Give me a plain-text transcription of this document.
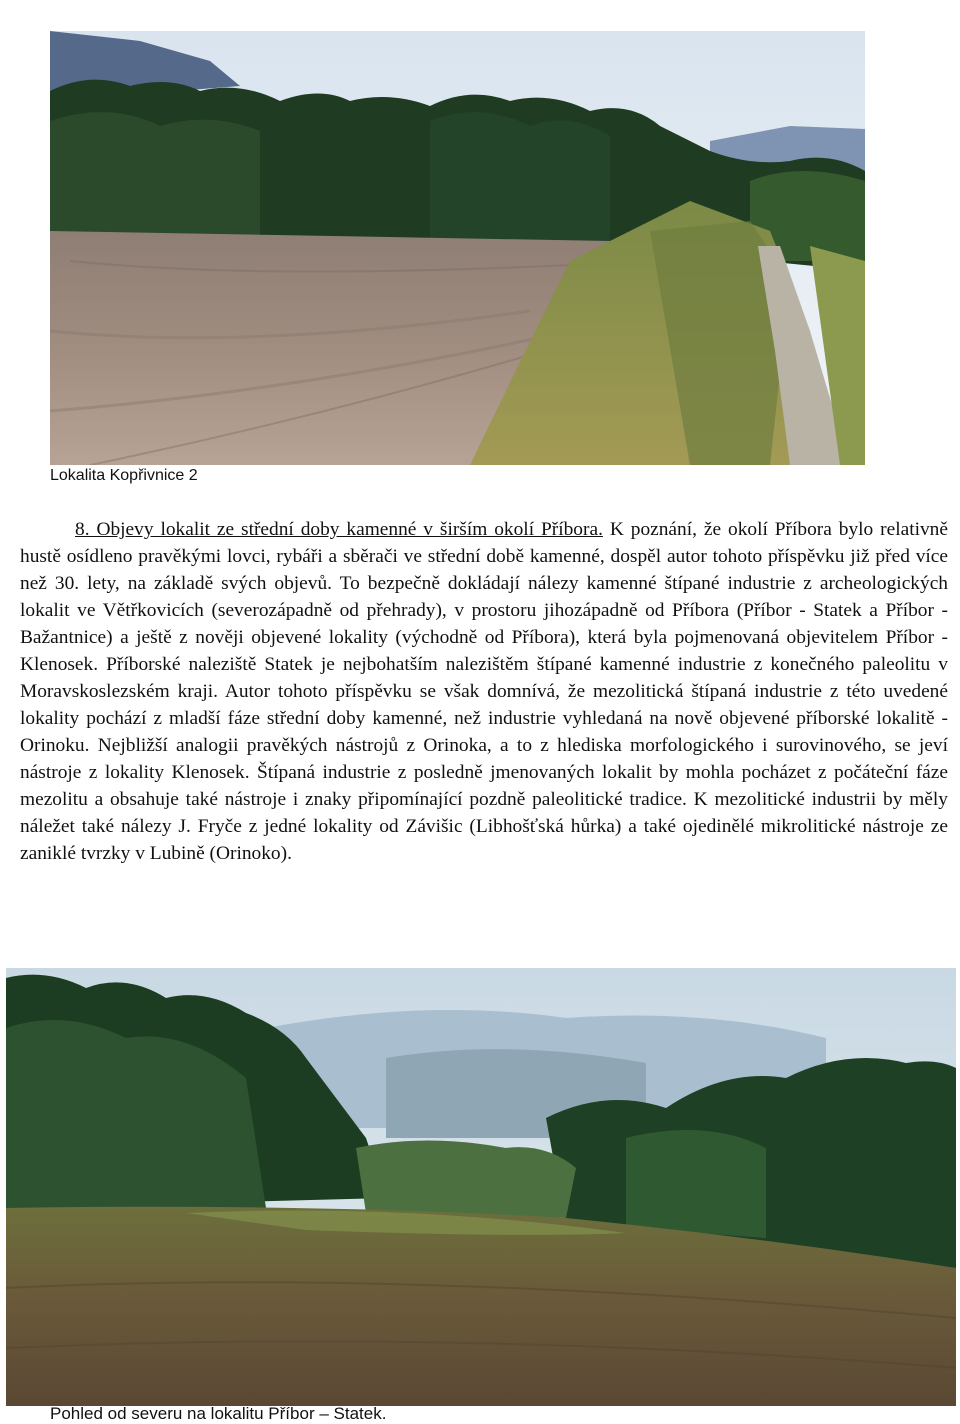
Lokalita Kopřivnice 2

8. Objevy lokalit ze střední doby kamenné v širším okolí Příbora. K poznání, že okolí Příbora bylo relativně hustě osídleno pravěkými lovci, rybáři a sběrači ve střední době kamenné, dospěl autor tohoto příspěvku již před více než 30. lety, na základě svých objevů. To bezpečně dokládají nálezy kamenné štípané industrie z archeologických lokalit ve Větřkovicích (severozápadně od přehrady), v prostoru jihozápadně od Příbora (Příbor - Statek a Příbor - Bažantnice) a ještě z nověji objevené lokality (východně od Příbora), která byla pojmenovaná objevitelem Příbor - Klenosek. Příborské naleziště Statek je nejbohatším nalezištěm štípané kamenné industrie z konečného paleolitu v Moravskoslezském kraji. Autor tohoto příspěvku se však domnívá, že mezolitická štípaná industrie z této uvedené lokality pochází z mladší fáze střední doby kamenné, než industrie vyhledaná na nově objevené příborské lokalitě - Orinoku. Nejbližší analogii pravěkých nástrojů z Orinoka, a to z hlediska morfologického i surovinového, se jeví nástroje z lokality Klenosek. Štípaná industrie z posledně jmenovaných lokalit by mohla pocházet z počáteční fáze mezolitu a obsahuje také nástroje i znaky připomínající pozdně paleolitické tradice. K mezolitické industrii by měly náležet také nálezy J. Fryče z jedné lokality od Závišic (Libhošťská hůrka) a také ojedinělé mikrolitické nástroje ze zaniklé tvrzky v Lubině (Orinoko).

Pohled od severu na lokalitu Příbor – Statek.
